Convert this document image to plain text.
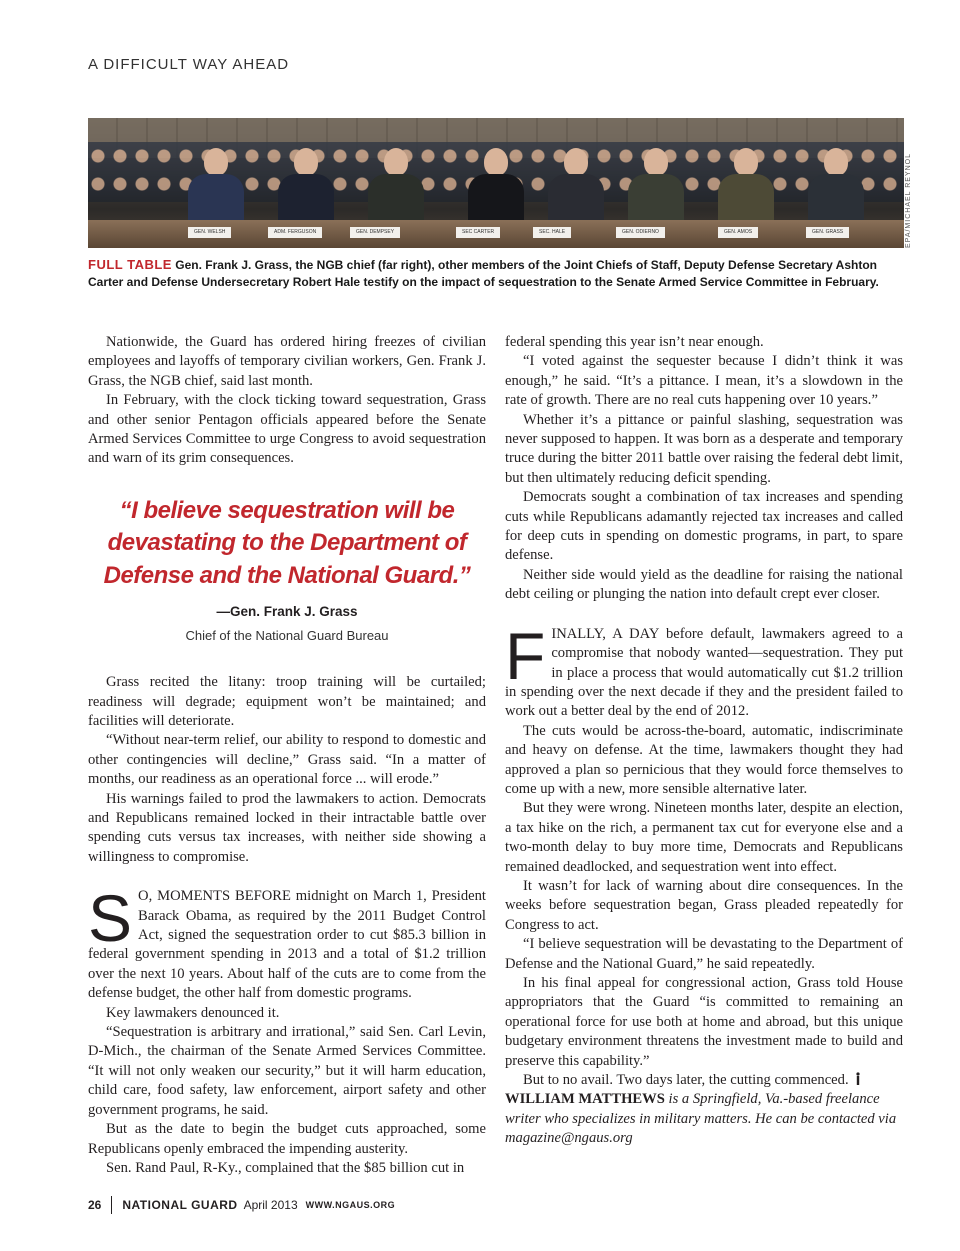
A DIFFICULT WAY AHEAD
GEN. WELSH	ADM. FERGUSON	GEN. DEMPSEY	SEC CARTER	SEC. HALE	GEN. ODIERNO	GEN. AMOS	GEN. GRASS	EPA/MICHAEL REYNOL
FULL TABLE Gen. Frank J. Grass, the NGB chief (far right), other members of the Joint Chiefs of Staff, Deputy Defense Secretary Ashton Carter and Defense Undersecretary Robert Hale testify on the impact of sequestration to the Senate Armed Service Committee in February.

Nationwide, the Guard has ordered hiring freezes of civilian employees and layoffs of temporary civilian workers, Gen. Frank J. Grass, the NGB chief, said last month.

In February, with the clock ticking toward sequestration, Grass and other senior Pentagon officials appeared before the Senate Armed Services Committee to urge Congress to avoid sequestration and warn of its grim consequences.

“I believe sequestration will be devastating to the Department of Defense and the National Guard.”
—Gen. Frank J. Grass
Chief of the National Guard Bureau

Grass recited the litany: troop training will be curtailed; readiness will degrade; equipment won’t be maintained; and facilities will deteriorate.

“Without near-term relief, our ability to respond to domestic and other contingencies will decline,” Grass said. “In a matter of months, our readiness as an operational force ... will erode.”

His warnings failed to prod the lawmakers to action. Democrats and Republicans remained locked in their intractable battle over spending cuts versus tax increases, with neither side showing a willingness to compromise.

S O, MOMENTS BEFORE midnight on March 1, President Barack Obama, as required by the 2011 Budget Control Act, signed the sequestration order to cut $85.3 billion in federal government spending in 2013 and a total of $1.2 trillion over the next 10 years. About half of the cuts are to come from the defense budget, the other half from domestic programs.

Key lawmakers denounced it.

“Sequestration is arbitrary and irrational,” said Sen. Carl Levin, D-Mich., the chairman of the Senate Armed Services Committee. “It will not only weaken our security,” but it will harm education, child care, food safety, law enforcement, airport safety and other government programs, he said.

But as the date to begin the budget cuts approached, some Republicans openly embraced the impending austerity.

Sen. Rand Paul, R-Ky., complained that the $85 billion cut in

federal spending this year isn’t near enough.

“I voted against the sequester because I didn’t think it was enough,” he said. “It’s a pittance. I mean, it’s a slowdown in the rate of growth. There are no real cuts happening over 10 years.”

Whether it’s a pittance or painful slashing, sequestration was never supposed to happen. It was born as a desperate and temporary truce during the bitter 2011 battle over raising the federal debt limit, but then ultimately reducing deficit spending.

Democrats sought a combination of tax increases and spending cuts while Republicans adamantly rejected tax increases and called for deep cuts in spending on domestic programs, in part, to spare defense.

Neither side would yield as the deadline for raising the national debt ceiling or plunging the nation into default crept ever closer.

FINALLY, A DAY before default, lawmakers agreed to a compromise that nobody wanted—sequestration. They put in place a process that would automatically cut $1.2 trillion in spending over the next decade if they and the president failed to work out a better deal by the end of 2012.

The cuts would be across-the-board, automatic, indiscriminate and heavy on defense. At the time, lawmakers thought they had approved a plan so pernicious that they would force themselves to come up with a new, more sensible alternative later.

But they were wrong. Nineteen months later, despite an election, a tax hike on the rich, a permanent tax cut for everyone else and a two-month delay to buy more time, Democrats and Republicans remained deadlocked, and sequestration went into effect.

It wasn’t for lack of warning about dire consequences. In the weeks before sequestration began, Grass pleaded repeatedly for Congress to act.

“I believe sequestration will be devastating to the Department of Defense and the National Guard,” he said repeatedly.

In his final appeal for congressional action, Grass told House appropriators that the Guard “is committed to remaining an operational force for use both at home and abroad, but this unique budgetary environment threatens the investment made to build and preserve this capability.”

But to no avail. Two days later, the cutting commenced.

WILLIAM MATTHEWS is a Springfield, Va.-based freelance writer who specializes in military matters. He can be contacted via magazine@ngaus.org

26 NATIONAL GUARD April 2013 WWW.NGAUS.ORG
